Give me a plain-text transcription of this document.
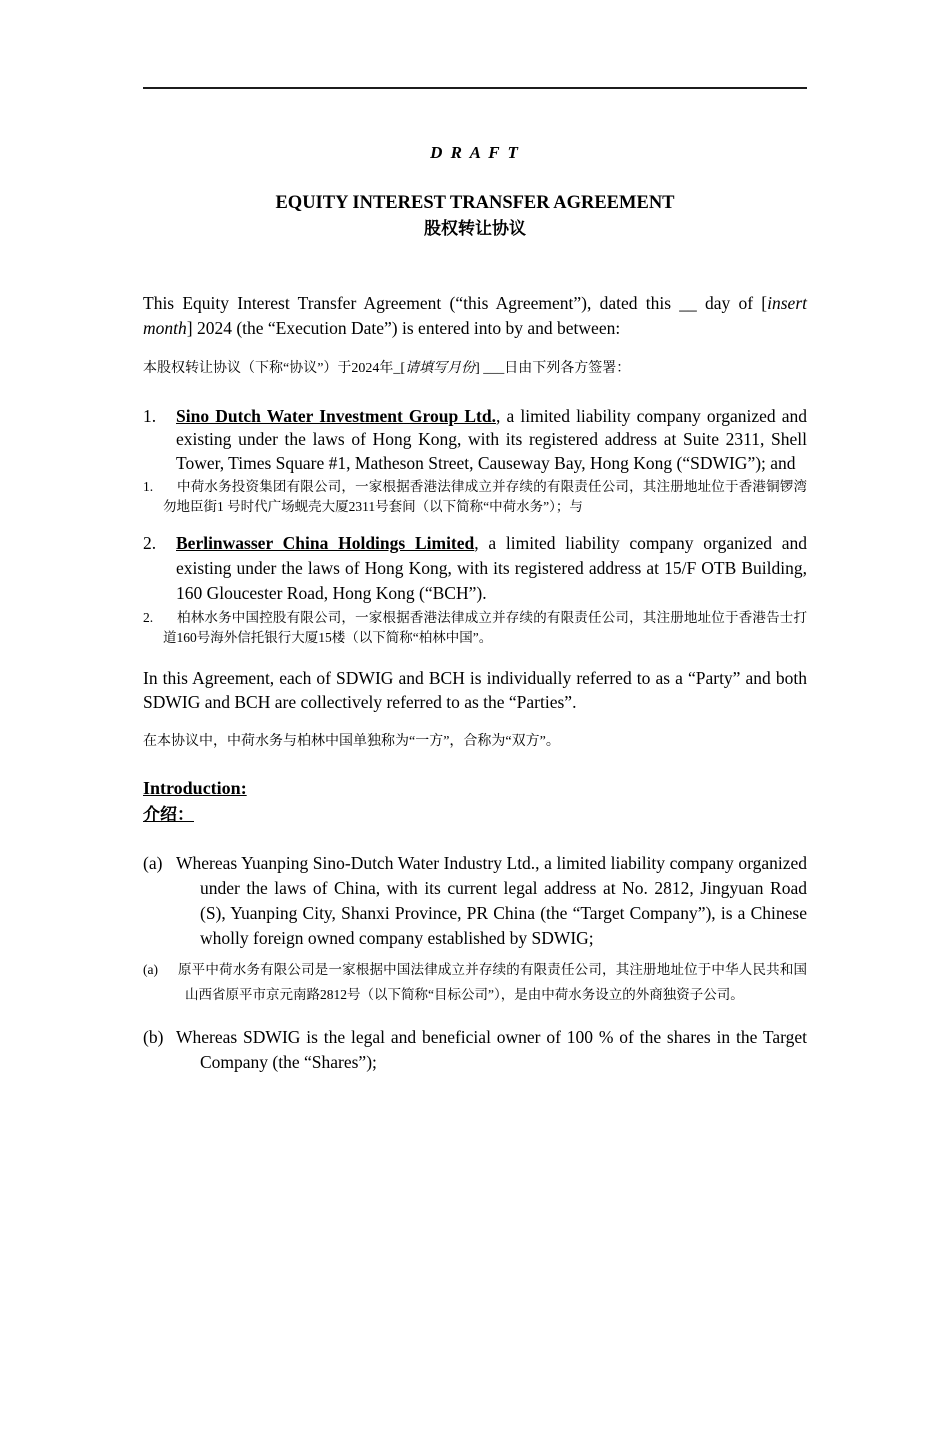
D R A F T
EQUITY INTEREST TRANSFER AGREEMENT
股权转让协议

This Equity Interest Transfer Agreement (“this Agreement”), dated this __ day of [insert month] 2024 (the “Execution Date”) is entered into by and between:

本股权转让协议（下称“协议”）于2024年_[请填写月份] ___日由下列各方签署：

1. Sino Dutch Water Investment Group Ltd., a limited liability company organized and existing under the laws of Hong Kong, with its registered address at Suite 2311, Shell Tower, Times Square #1, Matheson Street, Causeway Bay, Hong Kong (“SDWIG”); and
1. 中荷水务投资集团有限公司，一家根据香港法律成立并存续的有限责任公司，其注册地址位于香港铜锣湾勿地臣街1 号时代广场蚬壳大厦2311号套间（以下简称“中荷水务”）；与
2. Berlinwasser China Holdings Limited, a limited liability company organized and existing under the laws of Hong Kong, with its registered address at 15/F OTB Building, 160 Gloucester Road, Hong Kong (“BCH”).
2. 柏林水务中国控股有限公司，一家根据香港法律成立并存续的有限责任公司，其注册地址位于香港告士打道160号海外信托银行大厦15楼（以下简称“柏林中国”。

In this Agreement, each of SDWIG and BCH is individually referred to as a “Party” and both SDWIG and BCH are collectively referred to as the “Parties”.

在本协议中，中荷水务与柏林中国单独称为“一方”，合称为“双方”。

Introduction:
介绍：
(a) Whereas Yuanping Sino-Dutch Water Industry Ltd., a limited liability company organized under the laws of China, with its current legal address at No. 2812, Jingyuan Road (S), Yuanping City, Shanxi Province, PR China (the “Target Company”), is a Chinese wholly foreign owned company established by SDWIG;
(a) 原平中荷水务有限公司是一家根据中国法律成立并存续的有限责任公司，其注册地址位于中华人民共和国山西省原平市京元南路2812号（以下简称“目标公司”），是由中荷水务设立的外商独资子公司。
(b) Whereas SDWIG is the legal and beneficial owner of 100 % of the shares in the Target Company (the “Shares”);
